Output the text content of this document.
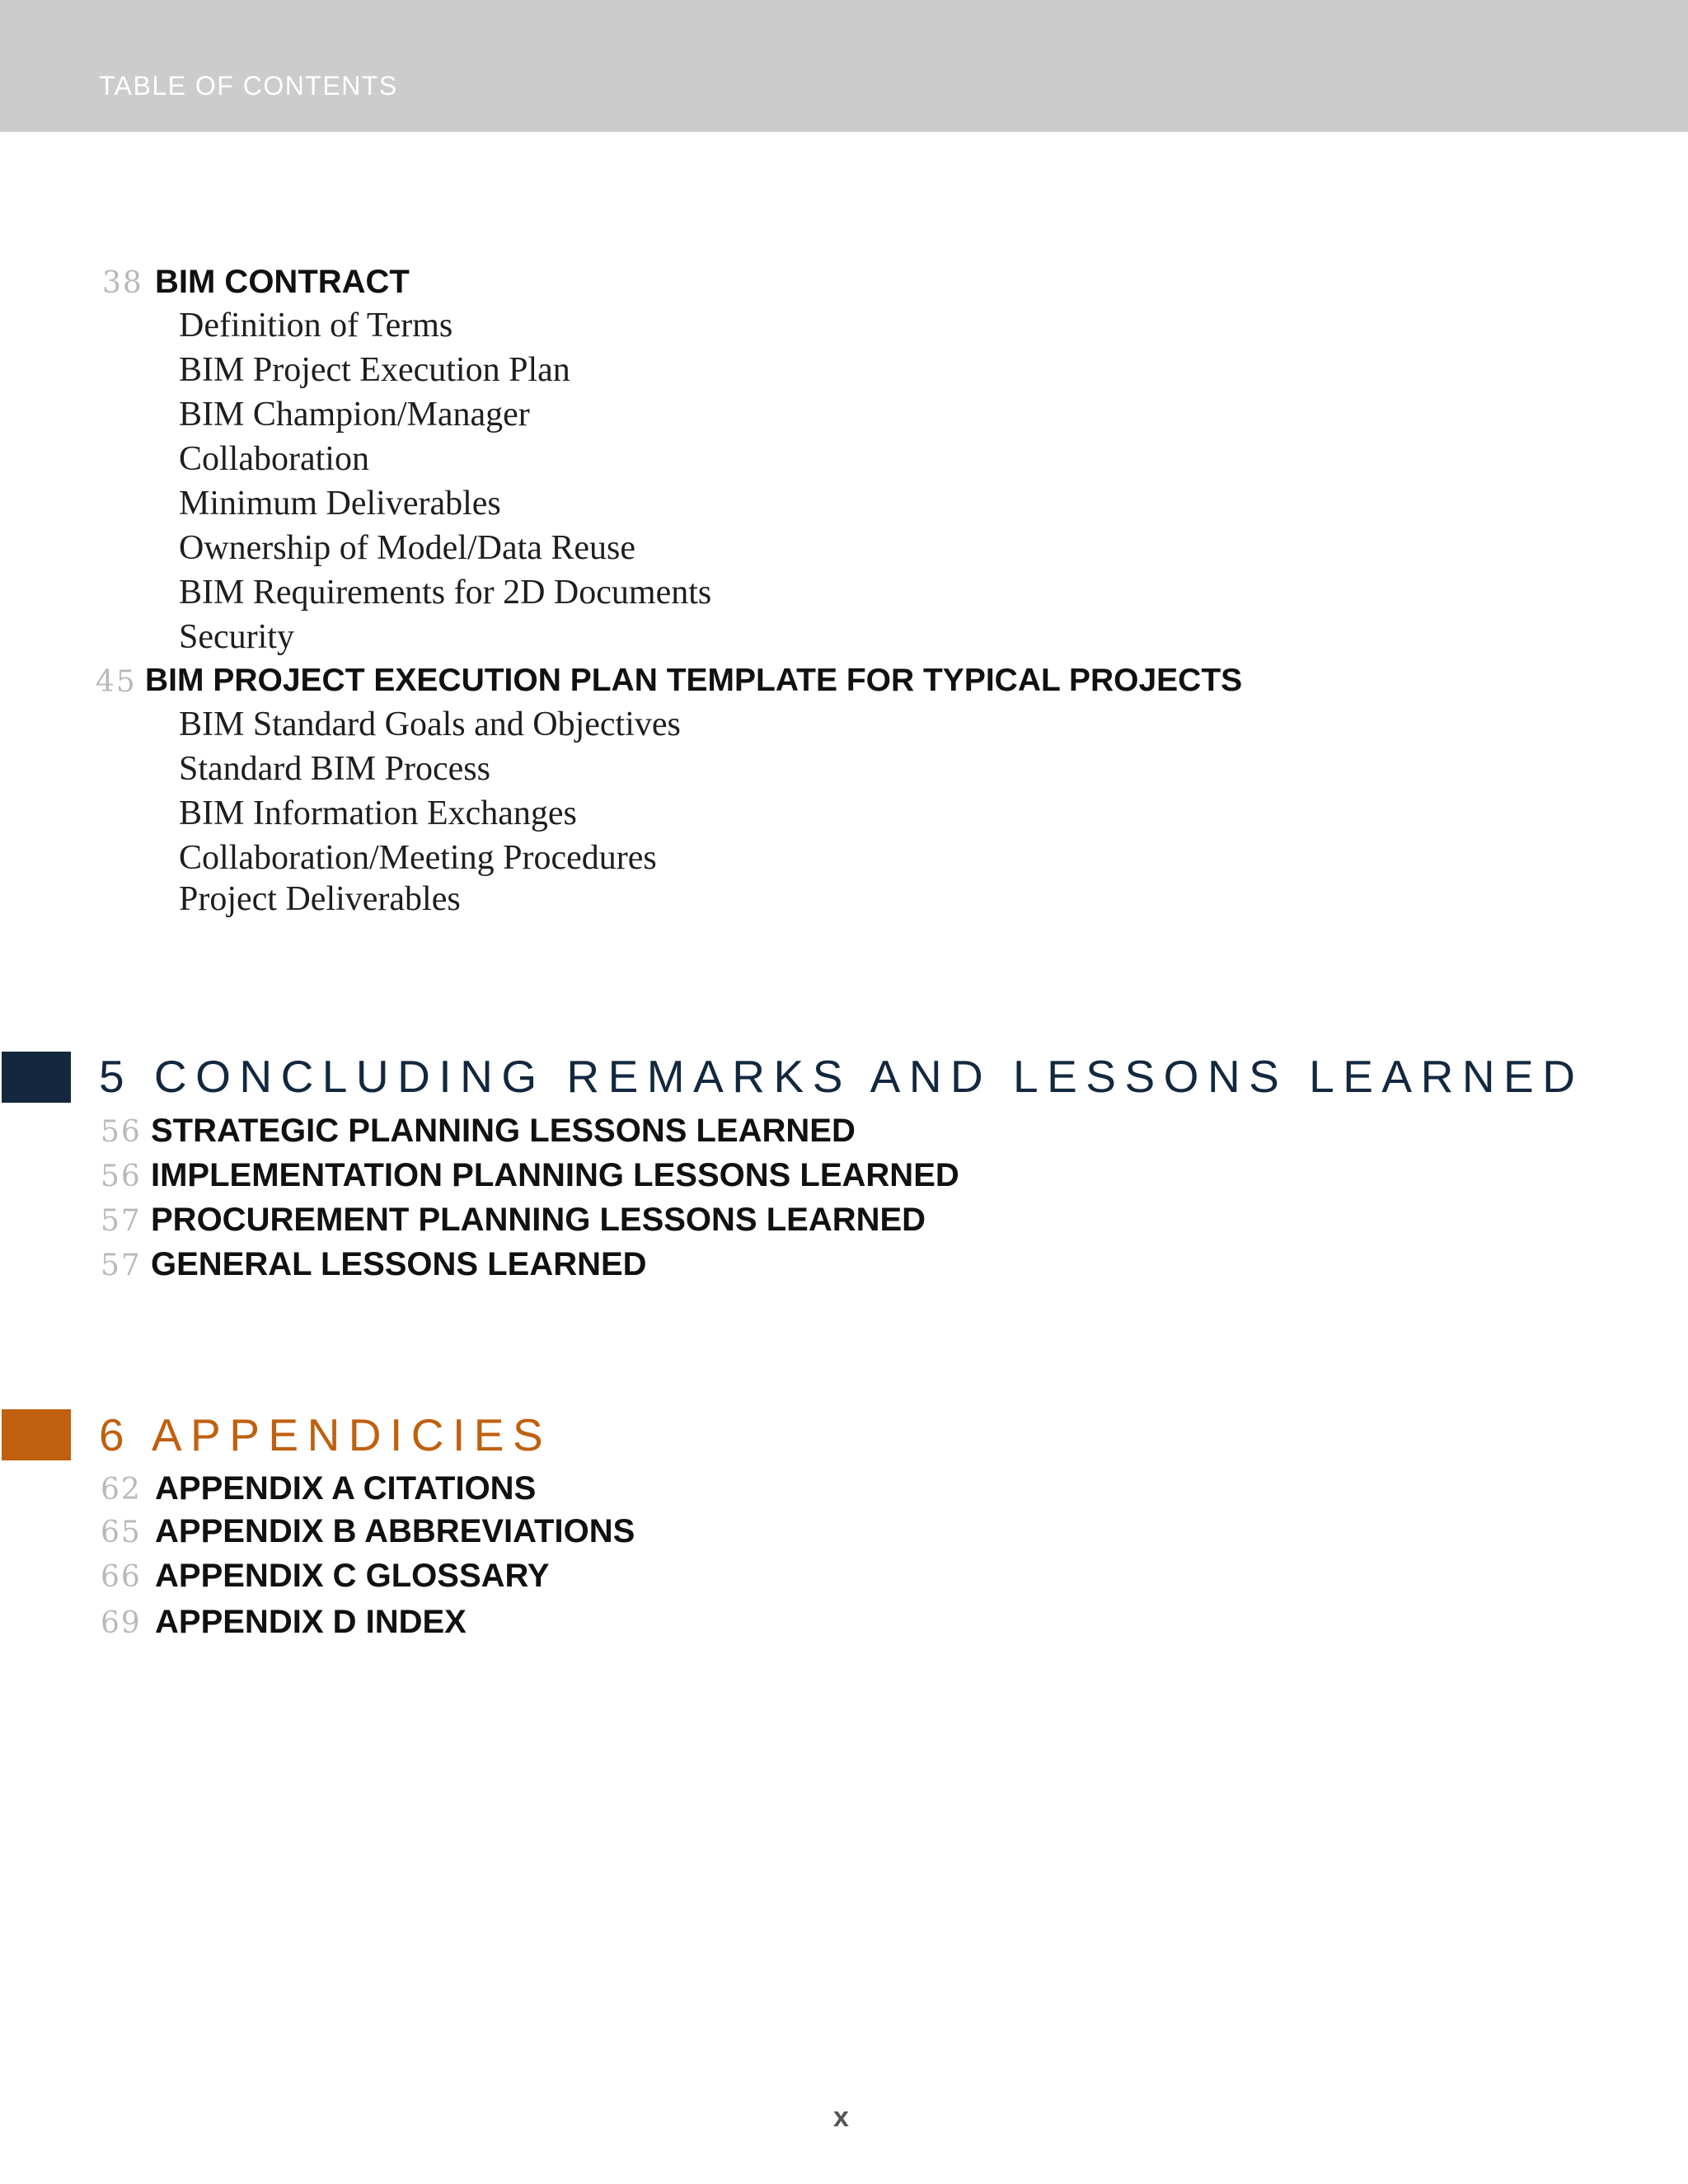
TABLE OF CONTENTS
38 BIM CONTRACT
Definition of Terms
BIM Project Execution Plan
BIM Champion/Manager
Collaboration
Minimum Deliverables
Ownership of Model/Data Reuse
BIM Requirements for 2D Documents
Security
45 BIM PROJECT EXECUTION PLAN TEMPLATE FOR TYPICAL PROJECTS
BIM Standard Goals and Objectives
Standard BIM Process
BIM Information Exchanges
Collaboration/Meeting Procedures
Project Deliverables
5 CONCLUDING REMARKS AND LESSONS LEARNED
56 STRATEGIC PLANNING LESSONS LEARNED
56 IMPLEMENTATION PLANNING LESSONS LEARNED
57 PROCUREMENT PLANNING LESSONS LEARNED
57 GENERAL LESSONS LEARNED
6 APPENDICIES
62 APPENDIX A CITATIONS
65 APPENDIX B ABBREVIATIONS
66 APPENDIX C GLOSSARY
69 APPENDIX D INDEX
x
